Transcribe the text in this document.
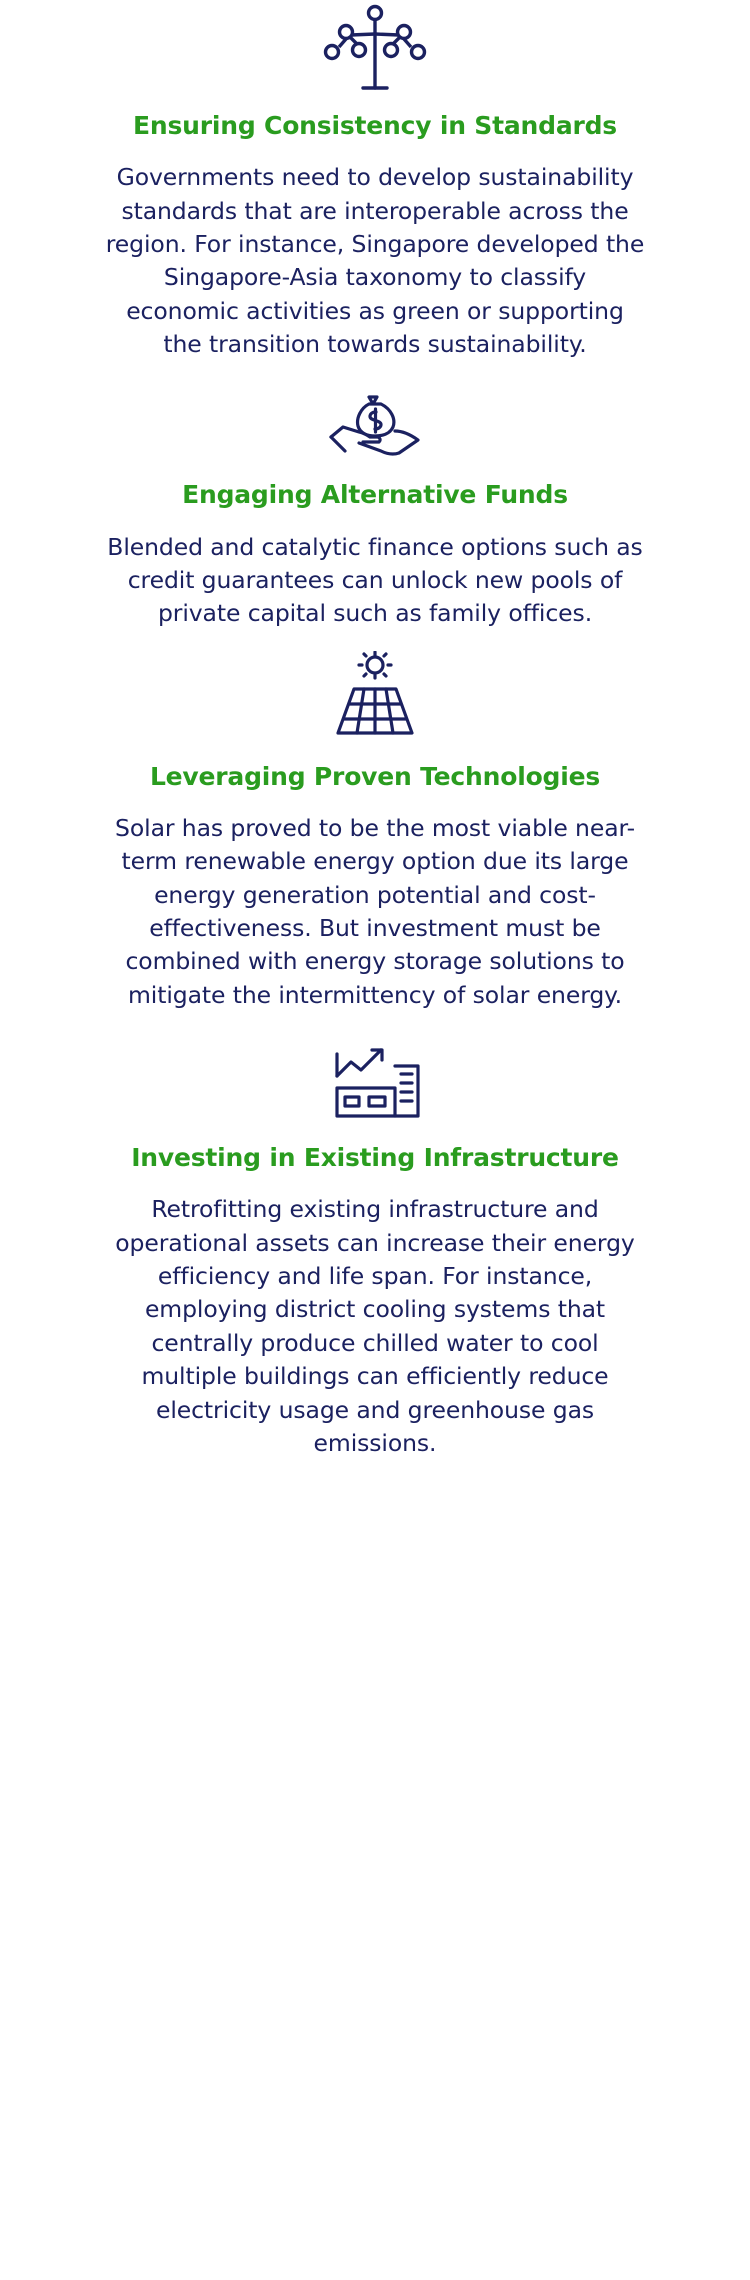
Ensuring Consistency in Standards

Governments need to develop sustainability standards that are interoperable across the region. For instance, Singapore developed the Singapore-Asia taxonomy to classify economic activities as green or supporting the transition towards sustainability.

Engaging Alternative Funds

Blended and catalytic finance options such as credit guarantees can unlock new pools of private capital such as family offices.

Leveraging Proven Technologies

Solar has proved to be the most viable near-term renewable energy option due its large energy generation potential and cost-effectiveness. But investment must be combined with energy storage solutions to mitigate the intermittency of solar energy.

Investing in Existing Infrastructure

Retrofitting existing infrastructure and operational assets can increase their energy efficiency and life span. For instance, employing district cooling systems that centrally produce chilled water to cool multiple buildings can efficiently reduce electricity usage and greenhouse gas emissions.
